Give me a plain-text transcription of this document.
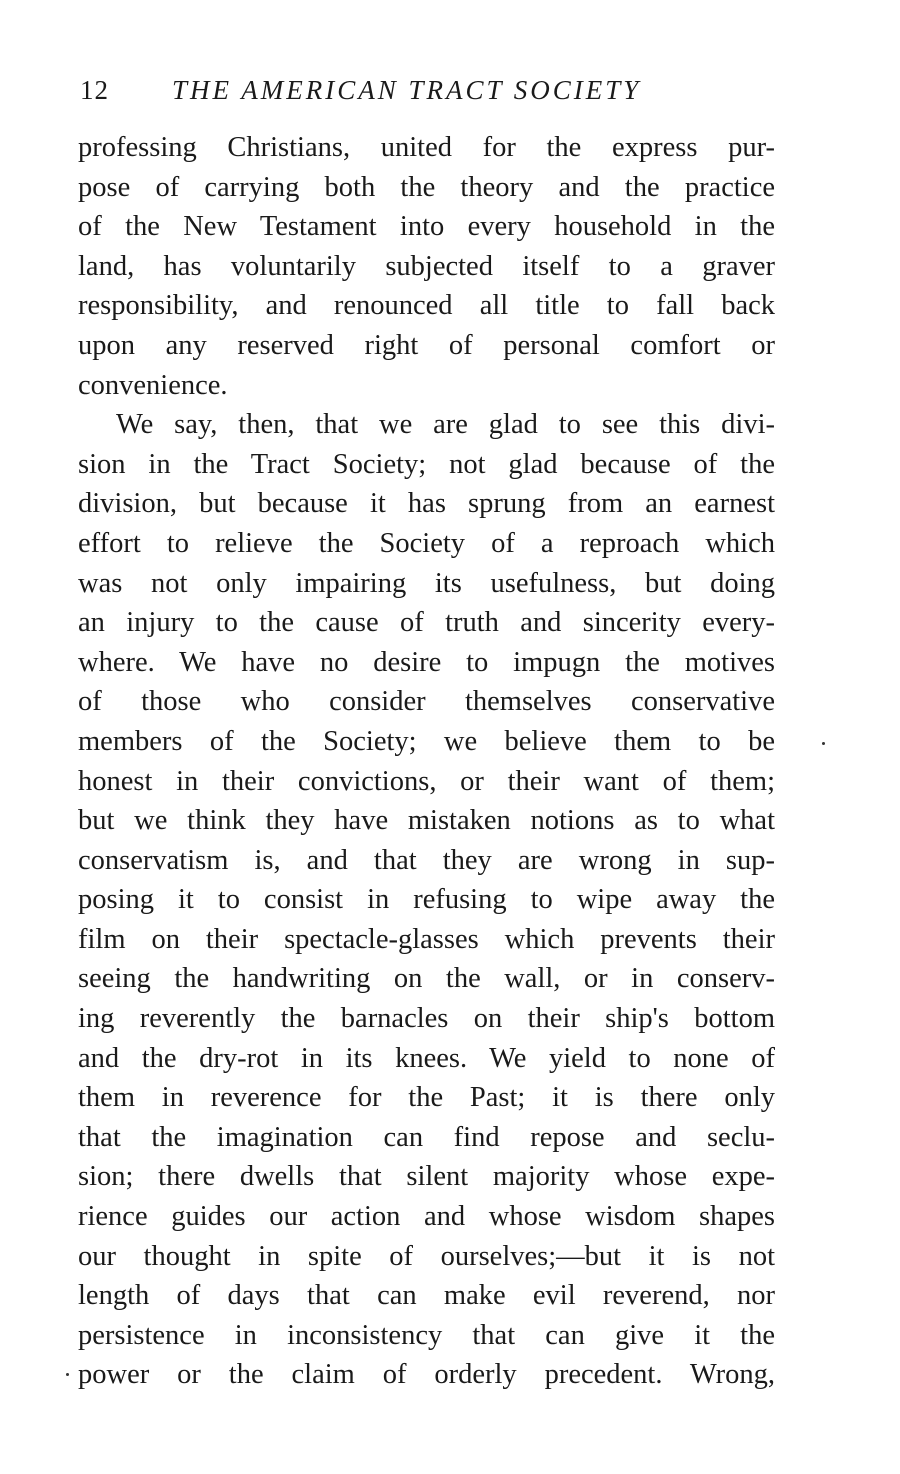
12 THE AMERICAN TRACT SOCIETY
professing Christians, united for the express pur-
pose of carrying both the theory and the practice
of the New Testament into every household in the
land, has voluntarily subjected itself to a graver
responsibility, and renounced all title to fall back
upon any reserved right of personal comfort or
convenience.
We say, then, that we are glad to see this divi-
sion in the Tract Society; not glad because of the
division, but because it has sprung from an earnest
effort to relieve the Society of a reproach which
was not only impairing its usefulness, but doing
an injury to the cause of truth and sincerity every-
where. We have no desire to impugn the motives
of those who consider themselves conservative
members of the Society; we believe them to be
honest in their convictions, or their want of them;
but we think they have mistaken notions as to what
conservatism is, and that they are wrong in sup-
posing it to consist in refusing to wipe away the
film on their spectacle-glasses which prevents their
seeing the handwriting on the wall, or in conserv-
ing reverently the barnacles on their ship's bottom
and the dry-rot in its knees. We yield to none of
them in reverence for the Past; it is there only
that the imagination can find repose and seclu-
sion; there dwells that silent majority whose expe-
rience guides our action and whose wisdom shapes
our thought in spite of ourselves;—but it is not
length of days that can make evil reverend, nor
persistence in inconsistency that can give it the
power or the claim of orderly precedent. Wrong,
